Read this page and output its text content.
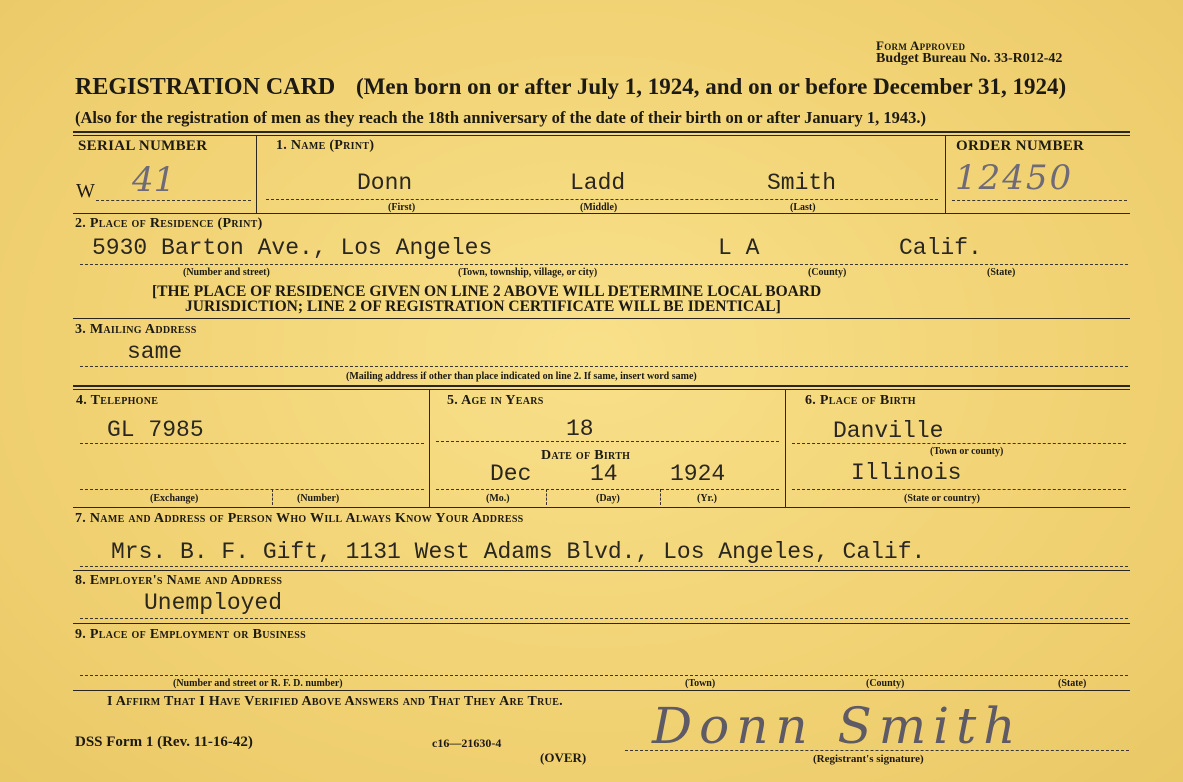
Form Approved
Budget Bureau No. 33-R012-42
REGISTRATION CARD (Men born on or after July 1, 1924, and on or before December 31, 1924)
(Also for the registration of men as they reach the 18th anniversary of the date of their birth on or after January 1, 1943.)
SERIAL NUMBER
W 41
1. Name (Print)
Donn	Ladd	Smith
(First)	(Middle)	(Last)
ORDER NUMBER
12450
2. Place of Residence (Print)
5930 Barton Ave., Los Angeles	L A	Calif.
(Number and street)	(Town, township, village, or city)	(County)	(State)
[THE PLACE OF RESIDENCE GIVEN ON LINE 2 ABOVE WILL DETERMINE LOCAL BOARD
JURISDICTION; LINE 2 OF REGISTRATION CERTIFICATE WILL BE IDENTICAL]
3. Mailing Address
same
(Mailing address if other than place indicated on line 2. If same, insert word same)
4. Telephone
GL 7985
(Exchange)	(Number)
5. Age in Years
18
Date of Birth
Dec	14 1924
(Mo.)	(Day)	(Yr.)
6. Place of Birth
Danville
(Town or county)
Illinois
(State or country)
7. Name and Address of Person Who Will Always Know Your Address
Mrs. B. F. Gift, 1131 West Adams Blvd., Los Angeles, Calif.
8. Employer's Name and Address
Unemployed
9. Place of Employment or Business
(Number and street or R. F. D. number)	(Town)	(County)	(State)
I Affirm That I Have Verified Above Answers and That They Are True.
DSS Form 1 (Rev. 11-16-42)	c16—21630-4
(OVER)
Donn Smith
(Registrant's signature)
